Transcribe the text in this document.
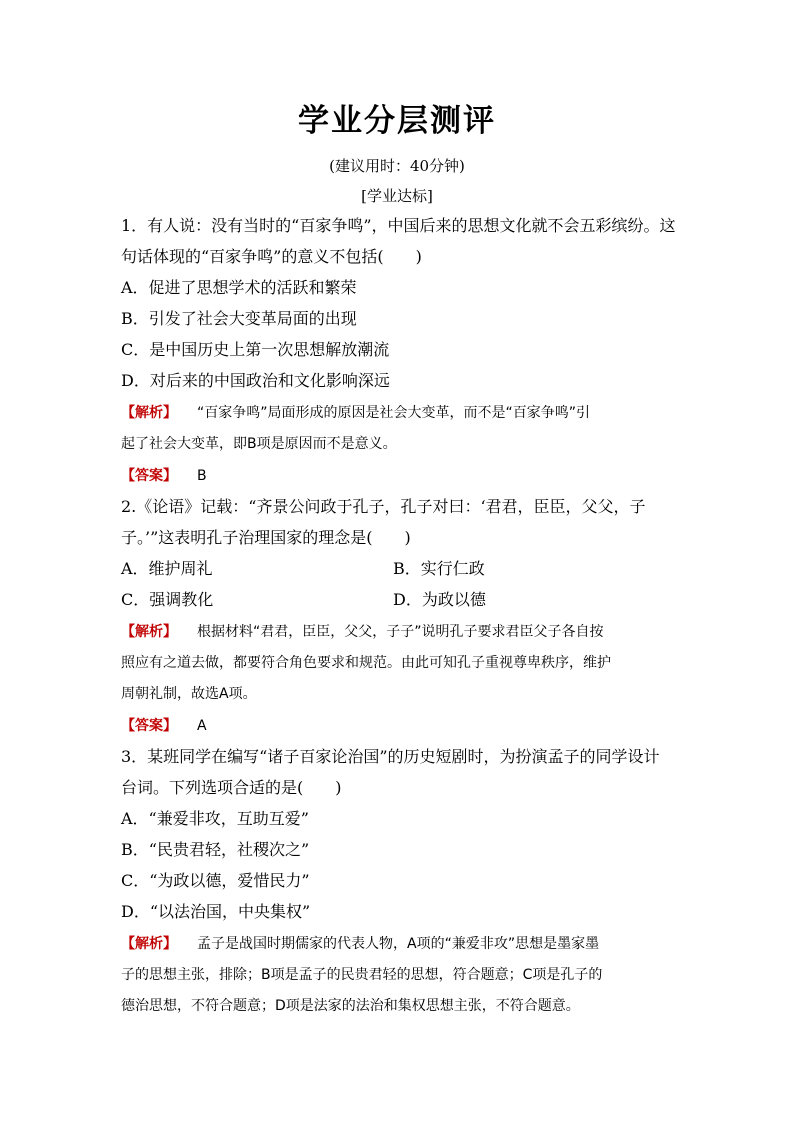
学业分层测评
(建议用时：40分钟)
[学业达标]
1．有人说：没有当时的“百家争鸣”，中国后来的思想文化就不会五彩缤纷。这
句话体现的“百家争鸣”的意义不包括(　　)
A．促进了思想学术的活跃和繁荣
B．引发了社会大变革局面的出现
C．是中国历史上第一次思想解放潮流
D．对后来的中国政治和文化影响深远
【解析】 “百家争鸣”局面形成的原因是社会大变革，而不是“百家争鸣”引
起了社会大变革，即B项是原因而不是意义。
【答案】 B
2.《论语》记载：“齐景公问政于孔子，孔子对曰：‘君君，臣臣，父父，子
子。’”这表明孔子治理国家的理念是(　　)
A．维护周礼	B．实行仁政
C．强调教化	D．为政以德
【解析】 根据材料“君君，臣臣，父父，子子”说明孔子要求君臣父子各自按
照应有之道去做，都要符合角色要求和规范。由此可知孔子重视尊卑秩序，维护
周朝礼制，故选A项。
【答案】 A
3．某班同学在编写“诸子百家论治国”的历史短剧时，为扮演孟子的同学设计
台词。下列选项合适的是(　　)
A．“兼爱非攻，互助互爱”
B．“民贵君轻，社稷次之”
C．“为政以德，爱惜民力”
D．“以法治国，中央集权”
【解析】 孟子是战国时期儒家的代表人物，A项的“兼爱非攻”思想是墨家墨
子的思想主张，排除；B项是孟子的民贵君轻的思想，符合题意；C项是孔子的
德治思想，不符合题意；D项是法家的法治和集权思想主张，不符合题意。
